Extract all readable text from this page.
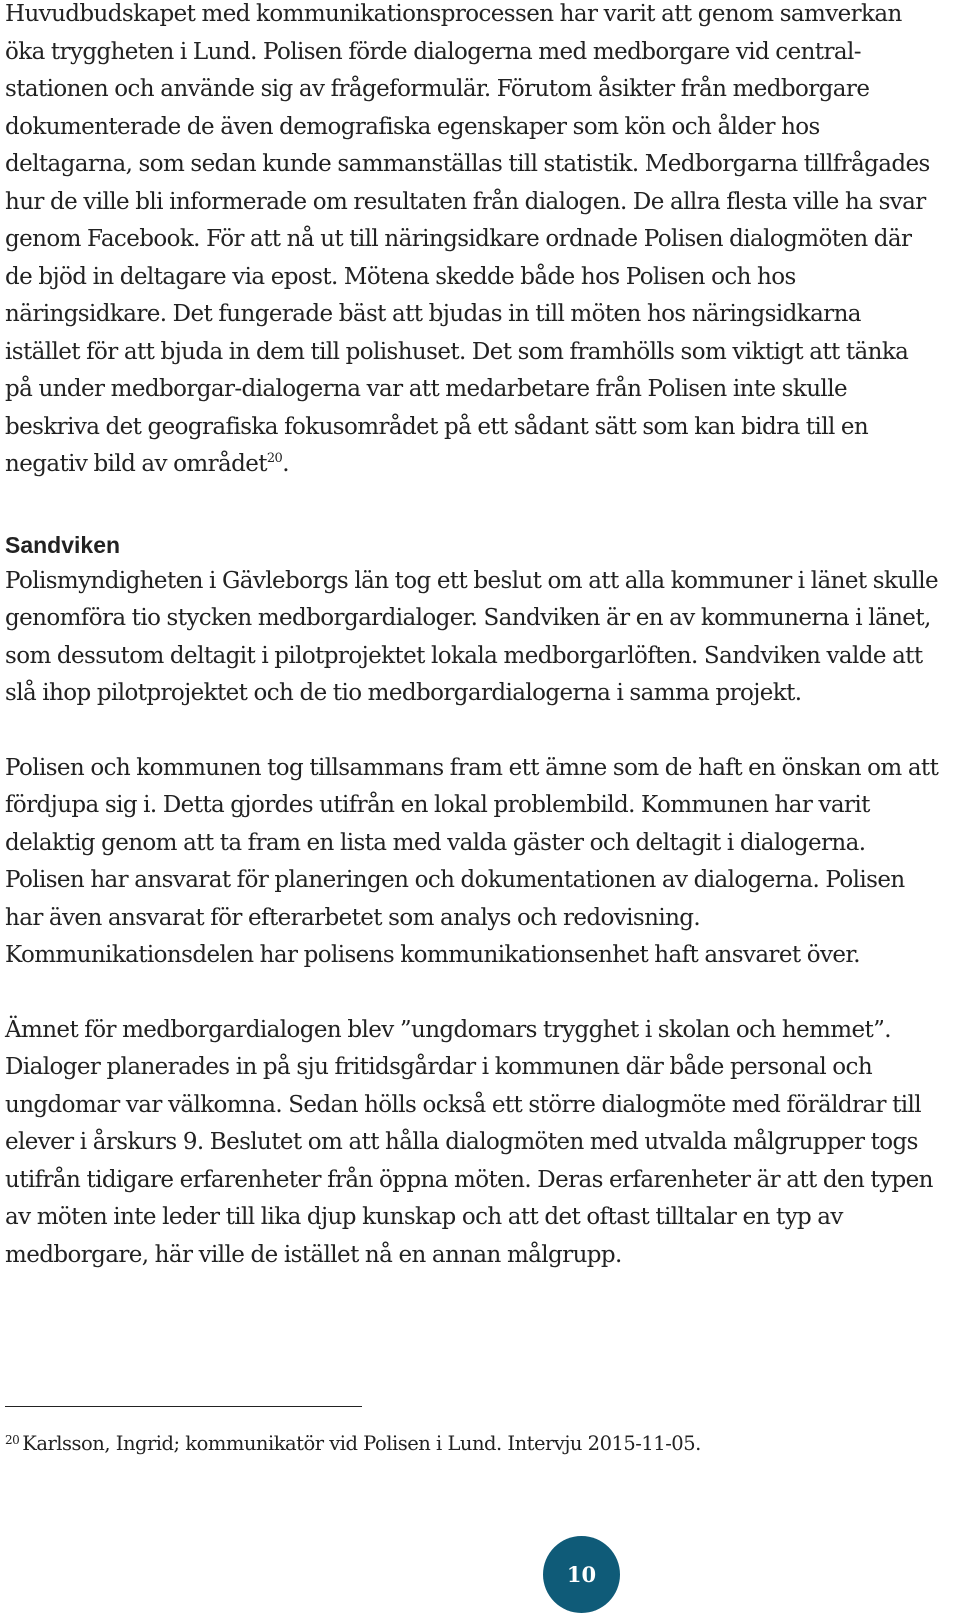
Huvudbudskapet med kommunikationsprocessen har varit att genom samverkan öka tryggheten i Lund. Polisen förde dialogerna med medborgare vid central-stationen och använde sig av frågeformulär. Förutom åsikter från medborgare dokumenterade de även demografiska egenskaper som kön och ålder hos deltagarna, som sedan kunde sammanställas till statistik. Medborgarna tillfrågades hur de ville bli informerade om resultaten från dialogen. De allra flesta ville ha svar genom Facebook. För att nå ut till näringsidkare ordnade Polisen dialogmöten där de bjöd in deltagare via epost. Mötena skedde både hos Polisen och hos näringsidkare. Det fungerade bäst att bjudas in till möten hos näringsidkarna istället för att bjuda in dem till polishuset. Det som framhölls som viktigt att tänka på under medborgar-dialogerna var att medarbetare från Polisen inte skulle beskriva det geografiska fokusområdet på ett sådant sätt som kan bidra till en negativ bild av området$^{20}$.

Sandviken

Polismyndigheten i Gävleborgs län tog ett beslut om att alla kommuner i länet skulle genomföra tio stycken medborgardialoger. Sandviken är en av kommunerna i länet, som dessutom deltagit i pilotprojektet lokala medborgarlöften. Sandviken valde att slå ihop pilotprojektet och de tio medborgardialogerna i samma projekt.

Polisen och kommunen tog tillsammans fram ett ämne som de haft en önskan om att fördjupa sig i. Detta gjordes utifrån en lokal problembild. Kommunen har varit delaktig genom att ta fram en lista med valda gäster och deltagit i dialogerna. Polisen har ansvarat för planeringen och dokumentationen av dialogerna. Polisen har även ansvarat för efterarbetet som analys och redovisning. Kommunikationsdelen har polisens kommunikationsenhet haft ansvaret över.

Ämnet för medborgardialogen blev ”ungdomars trygghet i skolan och hemmet”. Dialoger planerades in på sju fritidsgårdar i kommunen där både personal och ungdomar var välkomna. Sedan hölls också ett större dialogmöte med föräldrar till elever i årskurs 9. Beslutet om att hålla dialogmöten med utvalda målgrupper togs utifrån tidigare erfarenheter från öppna möten. Deras erfarenheter är att den typen av möten inte leder till lika djup kunskap och att det oftast tilltalar en typ av medborgare, här ville de istället nå en annan målgrupp.

$^{20}$ Karlsson, Ingrid; kommunikatör vid Polisen i Lund. Intervju 2015-11-05.
10
